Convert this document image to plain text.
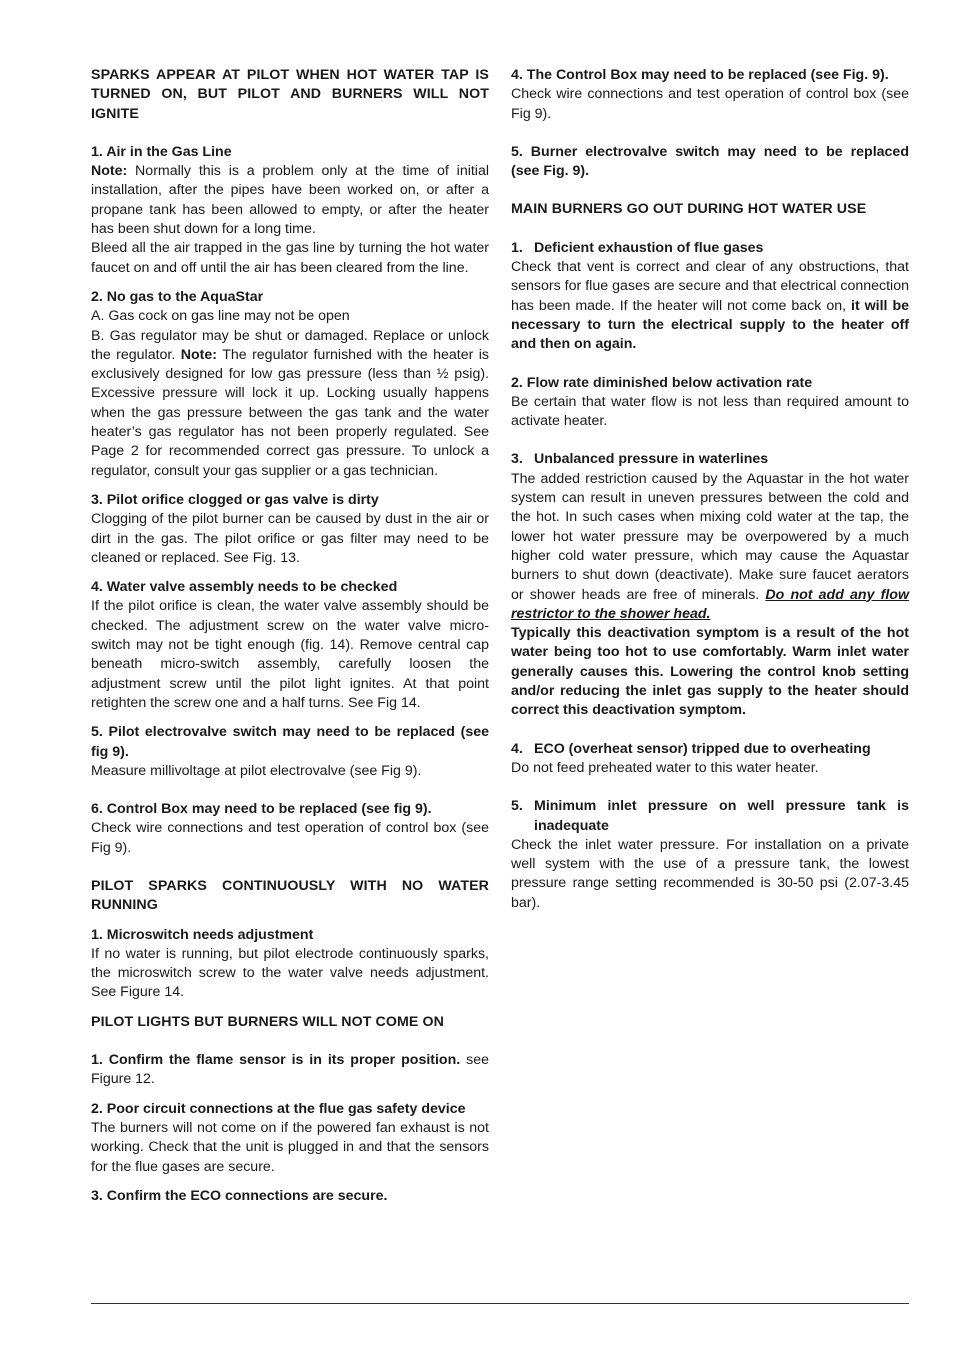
SPARKS APPEAR AT PILOT WHEN HOT WATER TAP IS TURNED ON, BUT PILOT AND BURNERS WILL NOT IGNITE

1. Air in the Gas Line

Note: Normally this is a problem only at the time of initial installation, after the pipes have been worked on, or after a propane tank has been allowed to empty, or after the heater has been shut down for a long time.

Bleed all the air trapped in the gas line by turning the hot water faucet on and off until the air has been cleared from the line.

2. No gas to the AquaStar

A. Gas cock on gas line may not be open

B. Gas regulator may be shut or damaged. Replace or unlock the regulator. Note: The regulator furnished with the heater is exclusively designed for low gas pressure (less than ½ psig). Excessive pressure will lock it up. Locking usually happens when the gas pressure between the gas tank and the water heater’s gas regulator has not been properly regulated. See Page 2 for recommended correct gas pressure. To unlock a regulator, consult your gas supplier or a gas technician.

3. Pilot orifice clogged or gas valve is dirty

Clogging of the pilot burner can be caused by dust in the air or dirt in the gas. The pilot orifice or gas filter may need to be cleaned or replaced. See Fig. 13.

4. Water valve assembly needs to be checked

If the pilot orifice is clean, the water valve assembly should be checked. The adjustment screw on the water valve micro-switch may not be tight enough (fig. 14). Remove central cap beneath micro-switch assembly, carefully loosen the adjustment screw until the pilot light ignites. At that point retighten the screw one and a half turns. See Fig 14.

5. Pilot electrovalve switch may need to be replaced (see fig 9).

Measure millivoltage at pilot electrovalve (see Fig 9).

6. Control Box may need to be replaced (see fig 9).

Check wire connections and test operation of control box (see Fig 9).

PILOT SPARKS CONTINUOUSLY WITH NO WATER RUNNING

1. Microswitch needs adjustment

If no water is running, but pilot electrode continuously sparks, the microswitch screw to the water valve needs adjustment. See Figure 14.

PILOT LIGHTS BUT BURNERS WILL NOT COME ON

1. Confirm the flame sensor is in its proper position. see Figure 12.

2. Poor circuit connections at the flue gas safety device

The burners will not come on if the powered fan exhaust is not working. Check that the unit is plugged in and that the sensors for the flue gases are secure.

3. Confirm the ECO connections are secure.

4. The Control Box may need to be replaced (see Fig. 9).

Check wire connections and test operation of control box (see Fig 9).

5. Burner electrovalve switch may need to be replaced (see Fig. 9).

MAIN BURNERS GO OUT DURING HOT WATER USE

1. Deficient exhaustion of flue gases

Check that vent is correct and clear of any obstructions, that sensors for flue gases are secure and that electrical connection has been made. If the heater will not come back on, it will be necessary to turn the electrical supply to the heater off and then on again.

2. Flow rate diminished below activation rate

Be certain that water flow is not less than required amount to activate heater.

3. Unbalanced pressure in waterlines

The added restriction caused by the Aquastar in the hot water system can result in uneven pressures between the cold and the hot. In such cases when mixing cold water at the tap, the lower hot water pressure may be overpowered by a much higher cold water pressure, which may cause the Aquastar burners to shut down (deactivate). Make sure faucet aerators or shower heads are free of minerals. Do not add any flow restrictor to the shower head.

Typically this deactivation symptom is a result of the hot water being too hot to use comfortably. Warm inlet water generally causes this. Lowering the control knob setting and/or reducing the inlet gas supply to the heater should correct this deactivation symptom.

4. ECO (overheat sensor) tripped due to overheating

Do not feed preheated water to this water heater.

5. Minimum inlet pressure on well pressure tank is inadequate

Check the inlet water pressure. For installation on a private well system with the use of a pressure tank, the lowest pressure range setting recommended is 30-50 psi (2.07-3.45 bar).
